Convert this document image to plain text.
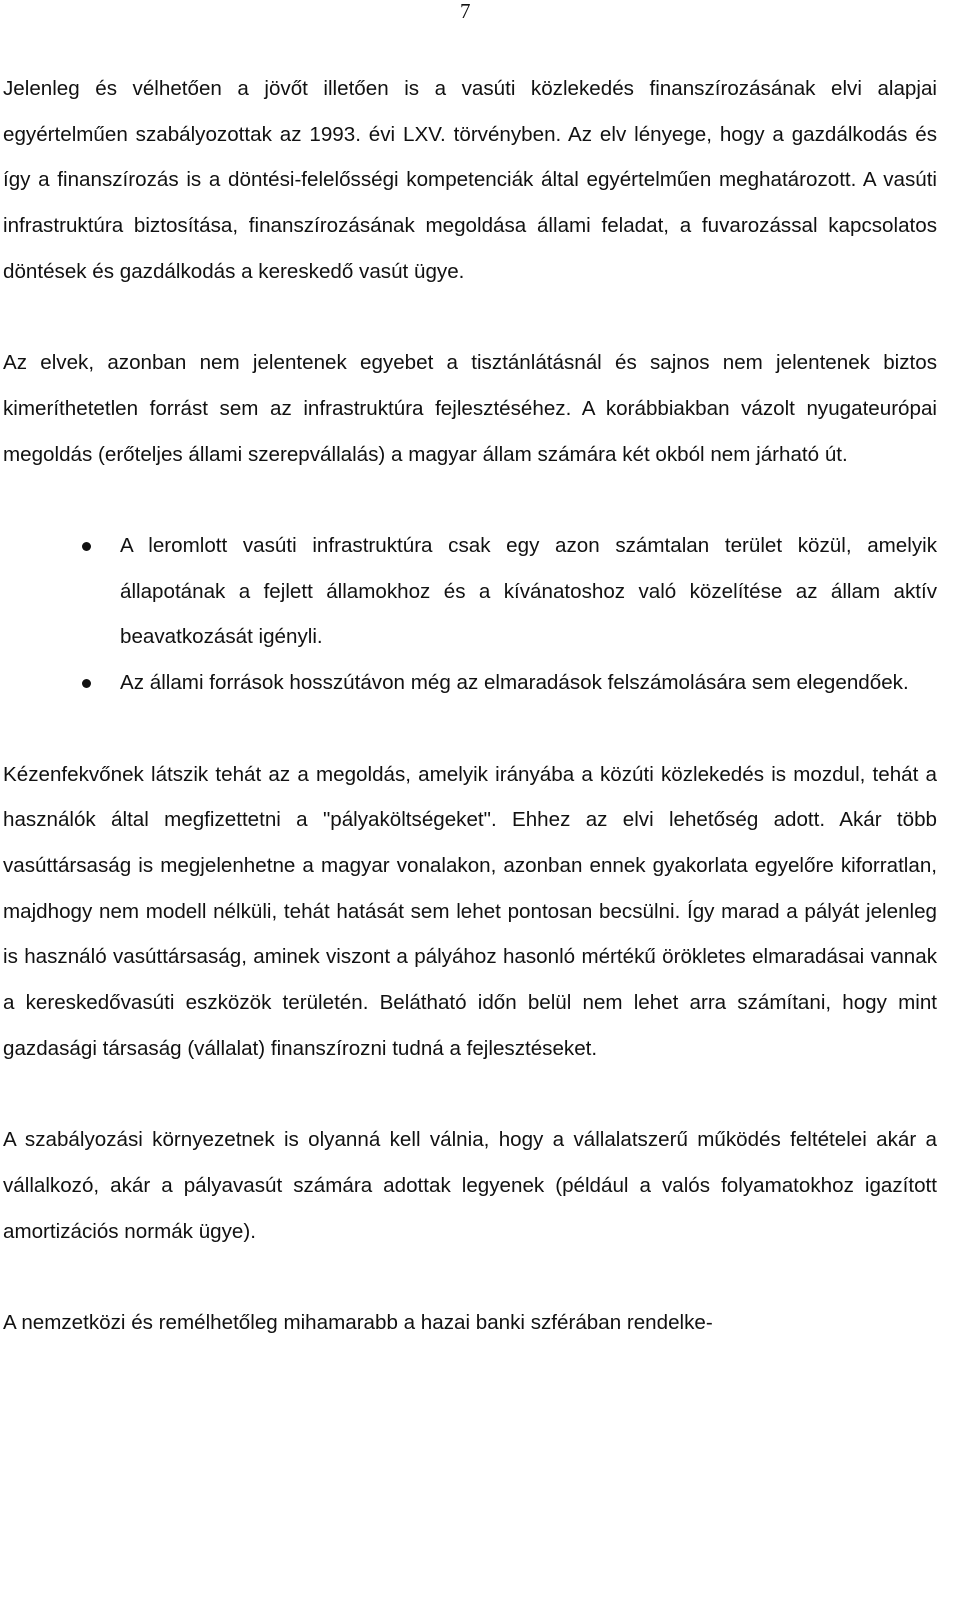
7

Jelenleg és vélhetően a jövőt illetően is a vasúti közlekedés finanszírozásának elvi alapjai egyértelműen szabályozottak az 1993. évi LXV. törvényben. Az elv lényege, hogy a gazdálkodás és így a finanszírozás is a döntési-felelősségi kompetenciák által egyértelműen meghatározott. A vasúti infrastruktúra biztosítása, finanszírozásának megoldása állami feladat, a fuvarozással kapcsolatos döntések és gazdálkodás a kereskedő vasút ügye.

Az elvek, azonban nem jelentenek egyebet a tisztánlátásnál és sajnos nem jelentenek biztos kimeríthetetlen forrást sem az infrastruktúra fejlesztéséhez. A korábbiakban vázolt nyugateurópai megoldás (erőteljes állami szerepvállalás) a magyar állam számára két okból nem járható út.

A leromlott vasúti infrastruktúra csak egy azon számtalan terület közül, amelyik állapotának a fejlett államokhoz és a kívánatoshoz való közelítése az állam aktív beavatkozását igényli.
Az állami források hosszútávon még az elmaradások felszámolására sem elegendőek.

Kézenfekvőnek látszik tehát az a megoldás, amelyik irányába a közúti közlekedés is mozdul, tehát a használók által megfizettetni a "pályaköltségeket". Ehhez az elvi lehetőség adott. Akár több vasúttársaság is megjelenhetne a magyar vonalakon, azonban ennek gyakorlata egyelőre kiforratlan, majdhogy nem modell nélküli, tehát hatását sem lehet pontosan becsülni. Így marad a pályát jelenleg is használó vasúttársaság, aminek viszont a pályához hasonló mértékű örökletes elmaradásai vannak a kereskedővasúti eszközök területén. Belátható időn belül nem lehet arra számítani, hogy mint gazdasági társaság (vállalat) finanszírozni tudná a fejlesztéseket.

A szabályozási környezetnek is olyanná kell válnia, hogy a vállalatszerű működés feltételei akár a vállalkozó, akár a pályavasút számára adottak legyenek (például a valós folyamatokhoz igazított amortizációs normák ügye).

A nemzetközi és remélhetőleg mihamarabb a hazai banki szférában rendelke-
